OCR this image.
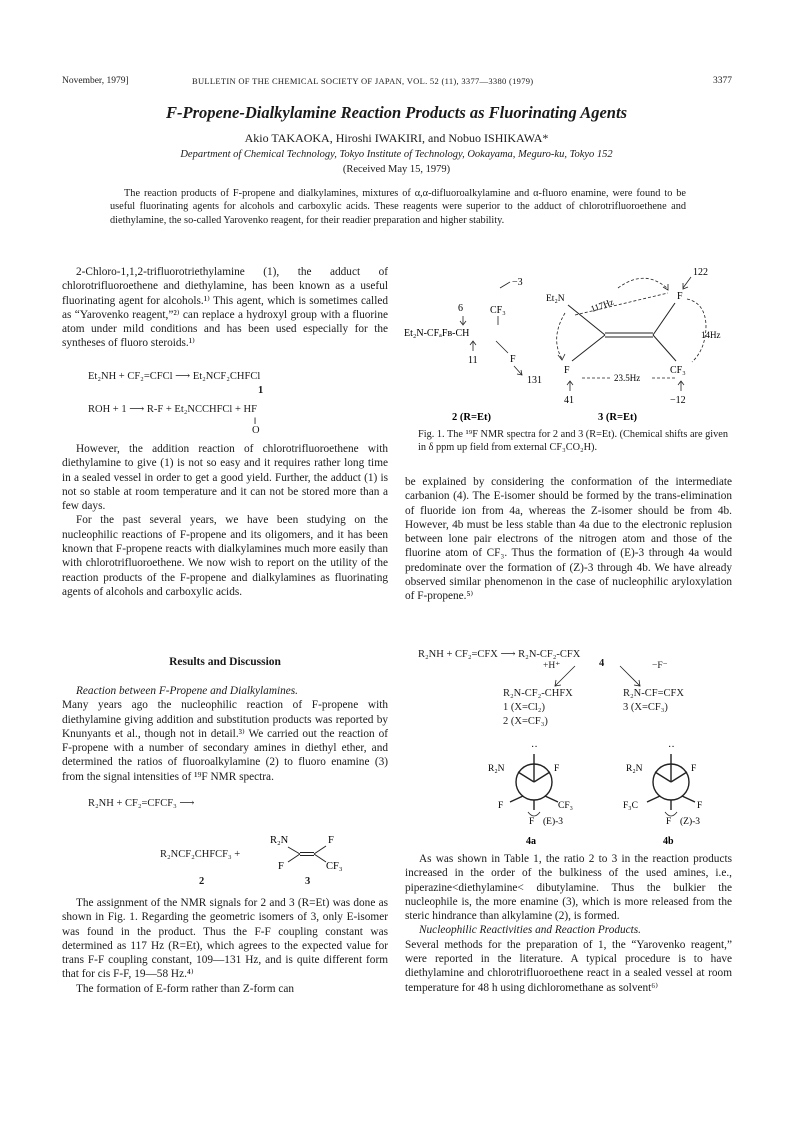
November, 1979]	BULLETIN OF THE CHEMICAL SOCIETY OF JAPAN, VOL. 52 (11), 3377—3380 (1979)	3377
F-Propene-Dialkylamine Reaction Products as Fluorinating Agents
Akio TAKAOKA, Hiroshi IWAKIRI, and Nobuo ISHIKAWA*
Department of Chemical Technology, Tokyo Institute of Technology, Ookayama, Meguro-ku, Tokyo 152
(Received May 15, 1979)
The reaction products of F-propene and dialkylamines, mixtures of α,α-difluoroalkylamine and α-fluoro enamine, were found to be useful fluorinating agents for alcohols and carboxylic acids. These reagents were superior to the adduct of chlorotrifluoroethene and diethylamine, the so-called Yarovenko reagent, for their readier preparation and higher stability.

2-Chloro-1,1,2-trifluorotriethylamine (1), the adduct of chlorotrifluoroethene and diethylamine, has been known as a useful fluorinating agent for alcohols.¹⁾ This agent, which is sometimes called as “Yarovenko reagent,”²⁾ can replace a hydroxyl group with a fluorine atom under mild conditions and has been used especially for the syntheses of fluoro steroids.¹⁾

Et₂NH + CF₂=CFCl ⟶ Et₂NCF₂CHFCl
1
ROH + 1 ⟶ R-F + Et₂NCCHFCl + HF
‖
O

However, the addition reaction of chlorotrifluoroethene with diethylamine to give (1) is not so easy and it requires rather long time in a sealed vessel in order to get a good yield. Further, the adduct (1) is not so stable at room temperature and it can not be stored more than a few days.

For the past several years, we have been studying on the nucleophilic reactions of F-propene and its oligomers, and it has been known that F-propene reacts with dialkylamines much more easily than with chlorotrifluoroethene. We now wish to report on the utility of the reaction products of the F-propene and dialkylamines as fluorinating agents of alcohols and carboxylic acids.

Results and Discussion

Reaction between F-Propene and Dialkylamines.

Many years ago the nucleophilic reaction of F-propene with diethylamine giving addition and substitution products was reported by Knunyants et al., though not in detail.³⁾ We carried out the reaction of F-propene with a number of secondary amines in diethyl ether, and determined the ratios of fluoroalkylamine (2) to fluoro enamine (3) from the signal intensities of ¹⁹F NMR spectra.

R₂NH + CF₂=CFCF₃ ⟶
R₂NCF₂CHFCF₃ +
R₂N	F
F	CF₃
2	3

The assignment of the NMR signals for 2 and 3 (R=Et) was done as shown in Fig. 1. Regarding the geometric isomers of 3, only E-isomer was found in the product. Thus the F-F coupling constant was determined as 117 Hz (R=Et), which agrees to the expected value for trans F-F coupling constant, 109—131 Hz, and is quite different form that for cis F-F, 19—58 Hz.⁴⁾

The formation of E-form rather than Z-form can

−3
6	CF₃
Et₂N-CFₐFʙ-CH
11	F
131
Et₂N	F
F	CF₃
117Hz
122
14Hz
23.5Hz
41	−12
2 (R=Et)	3 (R=Et)
Fig. 1. The ¹⁹F NMR spectra for 2 and 3 (R=Et). (Chemical shifts are given in δ ppm up field from external CF₃CO₂H).

be explained by considering the conformation of the intermediate carbanion (4). The E-isomer should be formed by the trans-elimination of fluoride ion from 4a, whereas the Z-isomer should be from 4b. However, 4b must be less stable than 4a due to the electronic replusion between lone pair electrons of the nitrogen atom and those of the fluorine atom of CF₃. Thus the formation of (E)-3 through 4a would predominate over the formation of (Z)-3 through 4b. We have already observed similar phenomenon in the case of nucleophilic aryloxylation of F-propene.⁵⁾

R₂NH + CF₂=CFX ⟶ R₂N-CF₂-CFX
+H⁺	4	−F⁻
R₂N-CF₂-CHFX
1 (X=Cl₂)
2 (X=CF₃)
R₂N-CF=CFX
3 (X=CF₃)
··
R₂N	F
F	CF₃
F (E)-3
4a
··
R₂N	F
F₃C	F
F (Z)-3
4b

As was shown in Table 1, the ratio 2 to 3 in the reaction products increased in the order of the bulkiness of the used amines, i.e., piperazine<diethylamine< dibutylamine. Thus the bulkier the nucleophile is, the more enamine (3), which is more released from the steric hindrance than alkylamine (2), is formed.

Nucleophilic Reactivities and Reaction Products.

Several methods for the preparation of 1, the “Yarovenko reagent,” were reported in the literature. A typical procedure is to have diethylamine and chlorotrifluoroethene react in a sealed vessel at room temperature for 48 h using dichloromethane as solvent⁶⁾
